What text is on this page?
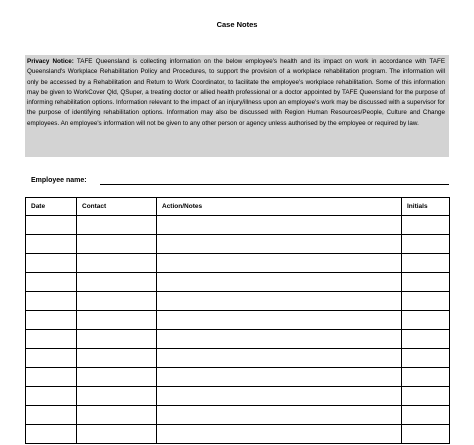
Case Notes
Privacy Notice: TAFE Queensland is collecting information on the below employee's health and its impact on work in accordance with TAFE Queensland's Workplace Rehabilitation Policy and Procedures, to support the provision of a workplace rehabilitation program. The information will only be accessed by a Rehabilitation and Return to Work Coordinator, to facilitate the employee's workplace rehabilitation. Some of this information may be given to WorkCover Qld, QSuper, a treating doctor or allied health professional or a doctor appointed by TAFE Queensland for the purpose of informing rehabilitation options. Information relevant to the impact of an injury/illness upon an employee's work may be discussed with a supervisor for the purpose of identifying rehabilitation options. Information may also be discussed with Region Human Resources/People, Culture and Change employees. An employee's information will not be given to any other person or agency unless authorised by the employee or required by law.
Employee name:
Date	Contact	Action/Notes	Initials
